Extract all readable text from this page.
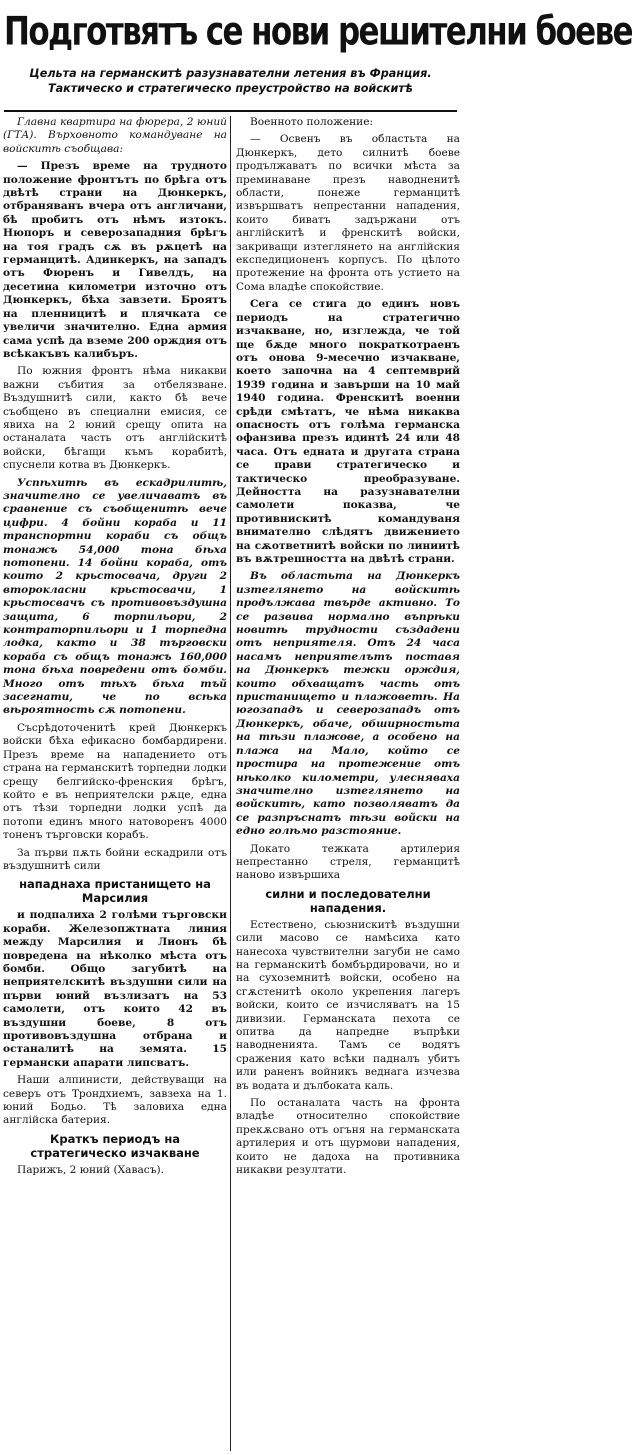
Подготвятъ се нови решителни боеве
Цельта на германскитѣ разузнавателни летения въ Франция. Тактическо и стратегическо преустройство на войскитѣ

Главна квартира на фюрера, 2 юний (ГТА). Върховното командуване на войскитѣ съобщава:

— Презъ време на трудното положение фронтътъ по брѣга отъ двѣтѣ страни на Дюнкеркъ, отбраняванъ вчера отъ англичани, бѣ пробитъ отъ нѣмъ изтокъ. Нюпоръ и северозападния брѣгъ на тоя градъ сѫ въ рѫцетѣ на германцитѣ. Адинкеркъ, на западъ отъ Фюренъ и Гивелдъ, на десетина километри източно отъ Дюнкеркъ, бѣха завзети. Броятъ на пленницитѣ и плячката се увеличи значително. Една армия сама успѣ да вземе 200 орждия отъ всѣкакъвъ калибъръ.

По южния фронтъ нѣма никакви важни събития за отбелязване. Въздушнитѣ сили, както бѣ вече съобщено въ специални емисия, се явиха на 2 юний срещу опита на останалата часть отъ англійскитѣ войски, бѣгащи къмъ корабитѣ, спуснели котва въ Дюнкеркъ.

Успѣхитѣ въ ескадрилитѣ, значително се увеличаватъ въ сравнение съ съобщенитѣ вече цифри. 4 бойни кораба и 11 транспортни кораби съ общъ тонажъ 54,000 тона бѣха потопени. 14 бойни кораба, отъ които 2 крьстосвача, други 2 второкласни крьстосвачи, 1 крьстосвачъ съ противовъздушна защита, 6 торпильори, 2 контраторпильори и 1 торпедна лодка, както и 38 търговски кораба съ общъ тонажъ 160,000 тона бѣха повредени отъ бомби. Много отъ тѣхъ бѣха тъй засегнати, че по всѣка вѣроятность сѫ потопени.

Съсрѣдоточенитѣ крей Дюнкеркъ войски бѣха ефикасно бомбардирени. Презъ време на нападението отъ страна на германскитѣ торпедни лодки срещу белгийско-френския брѣгъ, който е въ неприятелски рѫце, една отъ тѣзи торпедни лодки успѣ да потопи единъ много натоворенъ 4000 тоненъ търговски корабъ.

За първи пѫть бойни ескадрили отъ въздушнитѣ сили

нападнаха пристанището на Марсилия

и подпалиха 2 голѣми търговски кораби. Железопжтната линия между Марсилия и Лионъ бѣ повредена на нѣколко мѣста отъ бомби. Общо загубитѣ на неприятелскитѣ въздушни сили на първи юний възлизатъ на 53 самолети, отъ които 42 въ въздушни боеве, 8 отъ противовъздушна отбрана и останалитѣ на земята. 15 германски апарати липсватъ.

Наши алпинисти, действуващи на северъ отъ Трондхиемъ, завзеха на 1. юний Бодьо. Тѣ заловиха една англійска батерия.

Краткъ периодъ на стратегическо изчакване

Парижъ, 2 юний (Хавасъ).

Военното положение:

— Освенъ въ областьта на Дюнкеркъ, дето силнитѣ боеве продължаватъ по всички мѣста за преминаване презъ наводненитѣ области, понеже германцитѣ извършватъ непрестанни нападения, които биватъ задържани отъ англійскитѣ и френскитѣ войски, закриващи изтеглянето на англійския експедиционенъ корпусъ. По цѣлото протежение на фронта отъ устието на Сома владѣе спокойствие.

Сега се стига до единъ новъ периодъ на стратегично изчакване, но, изглежда, че той ще бѫде много пократкотраенъ отъ онова 9-месечно изчакване, което започна на 4 септемврий 1939 година и завърши на 10 май 1940 година. Френскитѣ военни срѣди смѣтатъ, че нѣма никаква опасность отъ голѣма германска офанзива презъ идинтѣ 24 или 48 часа. Отъ едната и другата страна се прави стратегическо и тактическо преобразуване. Дейността на разузнавателни самолети показва, че противнискитѣ командуваня внимателно слѣдятъ движението на сѫответнитѣ войски по линиитѣ въ вѫтрешността на двѣтѣ страни.

Въ областьта на Дюнкеркъ изтеглянето на войскитѣ продължава твърде активно. То се развива нормално въпрѣки новитѣ трудности създадени отъ неприятеля. Отъ 24 часа насамъ неприятелътъ поставя на Дюнкеркъ тежки орждия, които обхващатъ часть отъ пристанището и плажоветѣ. На югозападъ и северозападъ отъ Дюнкеркъ, обаче, обширностьта на тѣзи плажове, а особено на плажа на Мало, който се простира на протежение отъ нѣколко километри, улесняваха значително изтеглянето на войскитѣ, като позволяватъ да се разпръснатъ тѣзи войски на едно голѣмо разстояние.

Докато тежката артилерия непрестанно стреля, германцитѣ наново извършиха

силни и последователни нападения.

Естествено, сьюзнискитѣ въздушни сили масово се намѣсиха като нанесоха чувствителни загуби не само на германскитѣ бомбърдировачи, но и на сухоземнитѣ войски, особено на сгѫстенитѣ около укрепения лагеръ войски, които се изчисляватъ на 15 дивизии. Германската пехота се опитва да напредне въпрѣки наводненията. Тамъ се водятъ сражения като всѣки падналъ убитъ или раненъ войникъ веднага изчезва въ водата и дълбоката каль.

По останалата часть на фронта владѣе относително спокойствие прекѫсвано отъ огъня на германската артилерия и отъ щурмови нападения, които не дадоха на противника никакви резултати.
